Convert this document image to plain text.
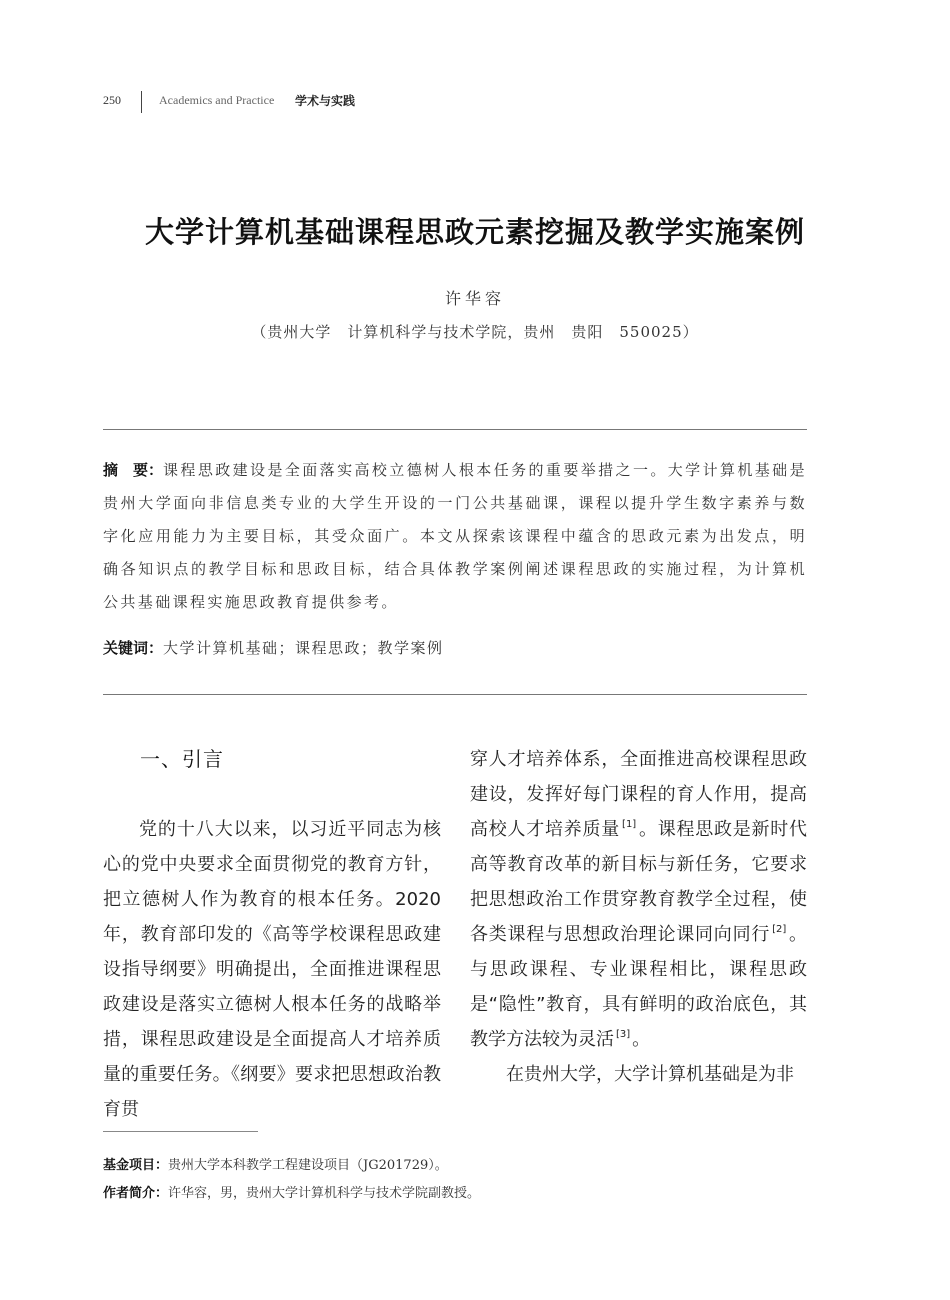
250	Academics and Practice 学术与实践
大学计算机基础课程思政元素挖掘及教学实施案例
许华容
（贵州大学　计算机科学与技术学院，贵州　贵阳　550025）
摘　要：课程思政建设是全面落实高校立德树人根本任务的重要举措之一。大学计算机基础是贵州大学面向非信息类专业的大学生开设的一门公共基础课，课程以提升学生数字素养与数字化应用能力为主要目标，其受众面广。本文从探索该课程中蕴含的思政元素为出发点，明确各知识点的教学目标和思政目标，结合具体教学案例阐述课程思政的实施过程，为计算机公共基础课程实施思政教育提供参考。
关键词：大学计算机基础；课程思政；教学案例
一、引言
党的十八大以来，以习近平同志为核心的党中央要求全面贯彻党的教育方针，把立德树人作为教育的根本任务。2020 年，教育部印发的《高等学校课程思政建设指导纲要》明确提出，全面推进课程思政建设是落实立德树人根本任务的战略举措，课程思政建设是全面提高人才培养质量的重要任务。《纲要》要求把思想政治教育贯

穿人才培养体系，全面推进高校课程思政建设，发挥好每门课程的育人作用，提高高校人才培养质量 [1] 。课程思政是新时代高等教育改革的新目标与新任务，它要求把思想政治工作贯穿教育教学全过程，使各类课程与思想政治理论课同向同行 [2] 。与思政课程、专业课程相比，课程思政是“隐性”教育，具有鲜明的政治底色，其教学方法较为灵活 [3] 。

在贵州大学，大学计算机基础是为非

基金项目：贵州大学本科教学工程建设项目（JG201729）。
作者简介：许华容，男，贵州大学计算机科学与技术学院副教授。
